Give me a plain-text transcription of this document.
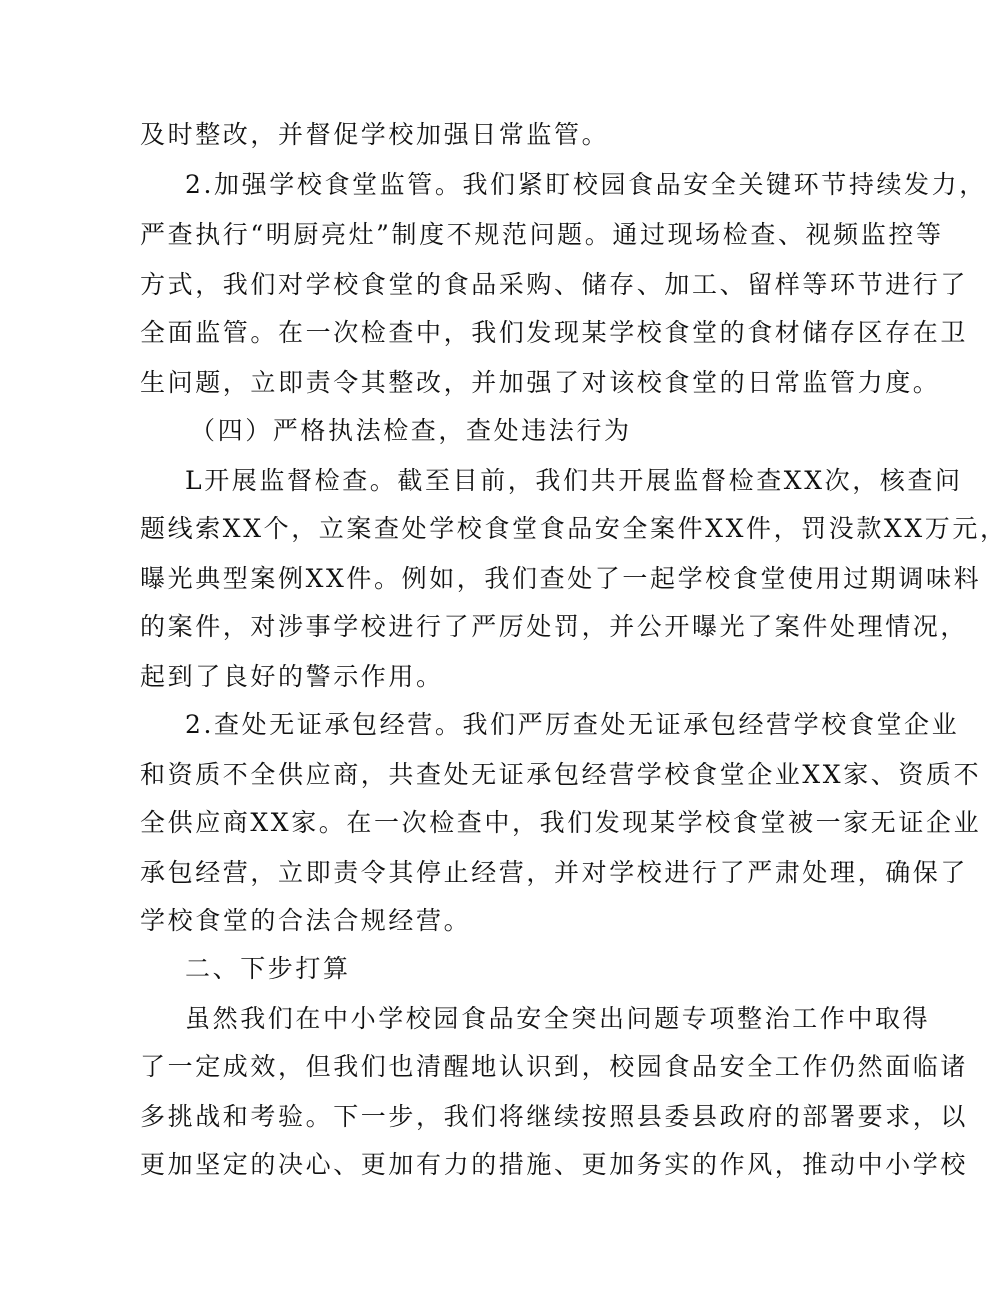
及时整改，并督促学校加强日常监管。
2.加强学校食堂监管。我们紧盯校园食品安全关键环节持续发力，
严查执行“明厨亮灶”制度不规范问题。通过现场检查、视频监控等
方式，我们对学校食堂的食品采购、储存、加工、留样等环节进行了
全面监管。在一次检查中，我们发现某学校食堂的食材储存区存在卫
生问题，立即责令其整改，并加强了对该校食堂的日常监管力度。
（四）严格执法检查，查处违法行为
L开展监督检查。截至目前，我们共开展监督检查XX次，核查问
题线索XX个，立案查处学校食堂食品安全案件XX件，罚没款XX万元，
曝光典型案例XX件。例如，我们查处了一起学校食堂使用过期调味料
的案件，对涉事学校进行了严厉处罚，并公开曝光了案件处理情况，
起到了良好的警示作用。
2.查处无证承包经营。我们严厉查处无证承包经营学校食堂企业
和资质不全供应商，共查处无证承包经营学校食堂企业XX家、资质不
全供应商XX家。在一次检查中，我们发现某学校食堂被一家无证企业
承包经营，立即责令其停止经营，并对学校进行了严肃处理，确保了
学校食堂的合法合规经营。
二、下步打算
虽然我们在中小学校园食品安全突出问题专项整治工作中取得
了一定成效，但我们也清醒地认识到，校园食品安全工作仍然面临诸
多挑战和考验。下一步，我们将继续按照县委县政府的部署要求，以
更加坚定的决心、更加有力的措施、更加务实的作风，推动中小学校
